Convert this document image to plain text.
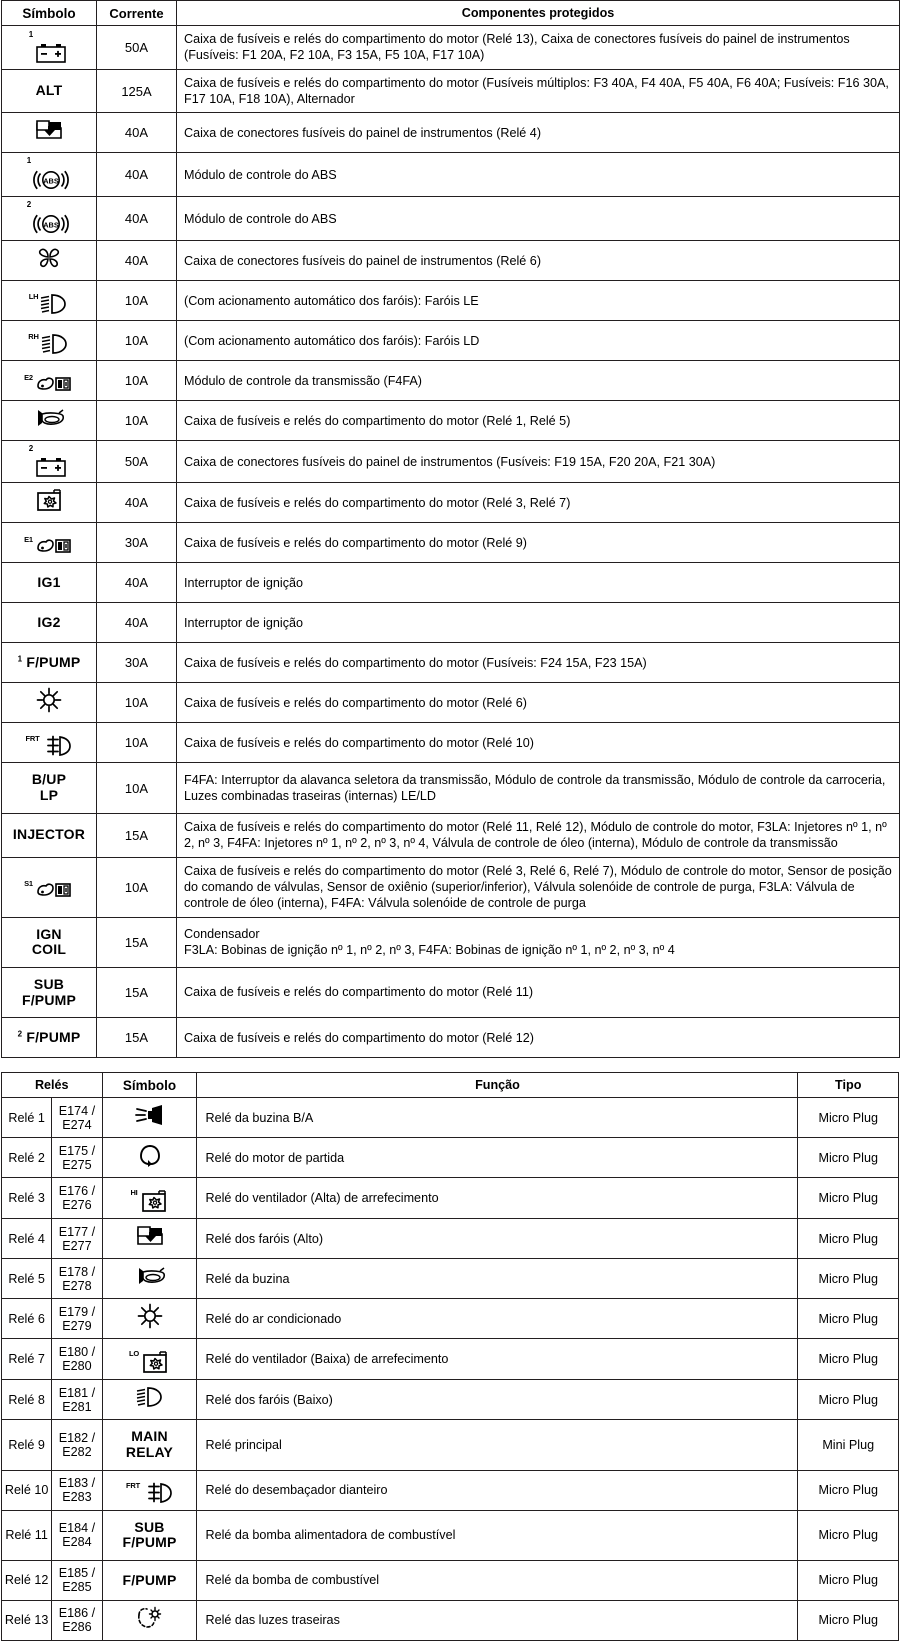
Símbolo	Corrente	Componentes protegidos

1	50A	Caixa de fusíveis e relés do compartimento do motor (Relé 13), Caixa de conectores fusíveis do painel de instrumentos (Fusíveis: F1 20A, F2 10A, F3 15A, F5 10A, F17 10A)

ALT	125A	Caixa de fusíveis e relés do compartimento do motor (Fusíveis múltiplos: F3 40A, F4 40A, F5 40A, F6 40A; Fusíveis: F16 30A, F17 10A, F18 10A), Alternador

	40A	Caixa de conectores fusíveis do painel de instrumentos (Relé 4)

1
ABS	40A	Módulo de controle do ABS

2
ABS	40A	Módulo de controle do ABS

	40A	Caixa de conectores fusíveis do painel de instrumentos (Relé 6)

LH	10A	(Com acionamento automático dos faróis): Faróis LE

RH	10A	(Com acionamento automático dos faróis): Faróis LD

E2	10A	Módulo de controle da transmissão (F4FA)

	10A	Caixa de fusíveis e relés do compartimento do motor (Relé 1, Relé 5)

2	50A	Caixa de conectores fusíveis do painel de instrumentos (Fusíveis: F19 15A, F20 20A, F21 30A)

	40A	Caixa de fusíveis e relés do compartimento do motor (Relé 3, Relé 7)

E1	30A	Caixa de fusíveis e relés do compartimento do motor (Relé 9)

IG1	40A	Interruptor de ignição

IG2	40A	Interruptor de ignição

$^1$ F/PUMP	30A	Caixa de fusíveis e relés do compartimento do motor (Fusíveis: F24 15A, F23 15A)

	10A	Caixa de fusíveis e relés do compartimento do motor (Relé 6)

FRT	10A	Caixa de fusíveis e relés do compartimento do motor (Relé 10)

B/UP
LP	10A	F4FA: Interruptor da alavanca seletora da transmissão, Módulo de controle da transmissão, Módulo de controle da carroceria, Luzes combinadas traseiras (internas) LE/LD

INJECTOR	15A	Caixa de fusíveis e relés do compartimento do motor (Relé 11, Relé 12), Módulo de controle do motor, F3LA: Injetores nº 1, nº 2, nº 3, F4FA: Injetores nº 1, nº 2, nº 3, nº 4, Válvula de controle de óleo (interna), Módulo de controle da transmissão

S1	10A	Caixa de fusíveis e relés do compartimento do motor (Relé 3, Relé 6, Relé 7), Módulo de controle do motor, Sensor de posição do comando de válvulas, Sensor de oxiênio (superior/inferior), Válvula solenóide de controle de purga, F3LA: Válvula de controle de óleo (interna), F4FA: Válvula solenóide de controle de purga

IGN
COIL	15A	Condensador
F3LA: Bobinas de ignição nº 1, nº 2, nº 3, F4FA: Bobinas de ignição nº 1, nº 2, nº 3, nº 4

SUB
F/PUMP	15A	Caixa de fusíveis e relés do compartimento do motor (Relé 11)

$^2$ F/PUMP	15A	Caixa de fusíveis e relés do compartimento do motor (Relé 12)
Relés		Símbolo	Função	Tipo
Relé 1	E174 / E274		Relé da buzina B/A	Micro Plug
Relé 2	E175 / E275		Relé do motor de partida	Micro Plug
Relé 3	E176 / E276	HI	Relé do ventilador (Alta) de arrefecimento	Micro Plug
Relé 4	E177 / E277		Relé dos faróis (Alto)	Micro Plug
Relé 5	E178 / E278		Relé da buzina	Micro Plug
Relé 6	E179 / E279		Relé do ar condicionado	Micro Plug
Relé 7	E180 / E280	LO	Relé do ventilador (Baixa) de arrefecimento	Micro Plug
Relé 8	E181 / E281		Relé dos faróis (Baixo)	Micro Plug
Relé 9	E182 / E282	MAIN
RELAY	Relé principal	Mini Plug
Relé 10	E183 / E283	FRT	Relé do desembaçador dianteiro	Micro Plug
Relé 11	E184 / E284	SUB
F/PUMP	Relé da bomba alimentadora de combustível	Micro Plug
Relé 12	E185 / E285	F/PUMP	Relé da bomba de combustível	Micro Plug
Relé 13	E186 / E286		Relé das luzes traseiras	Micro Plug
